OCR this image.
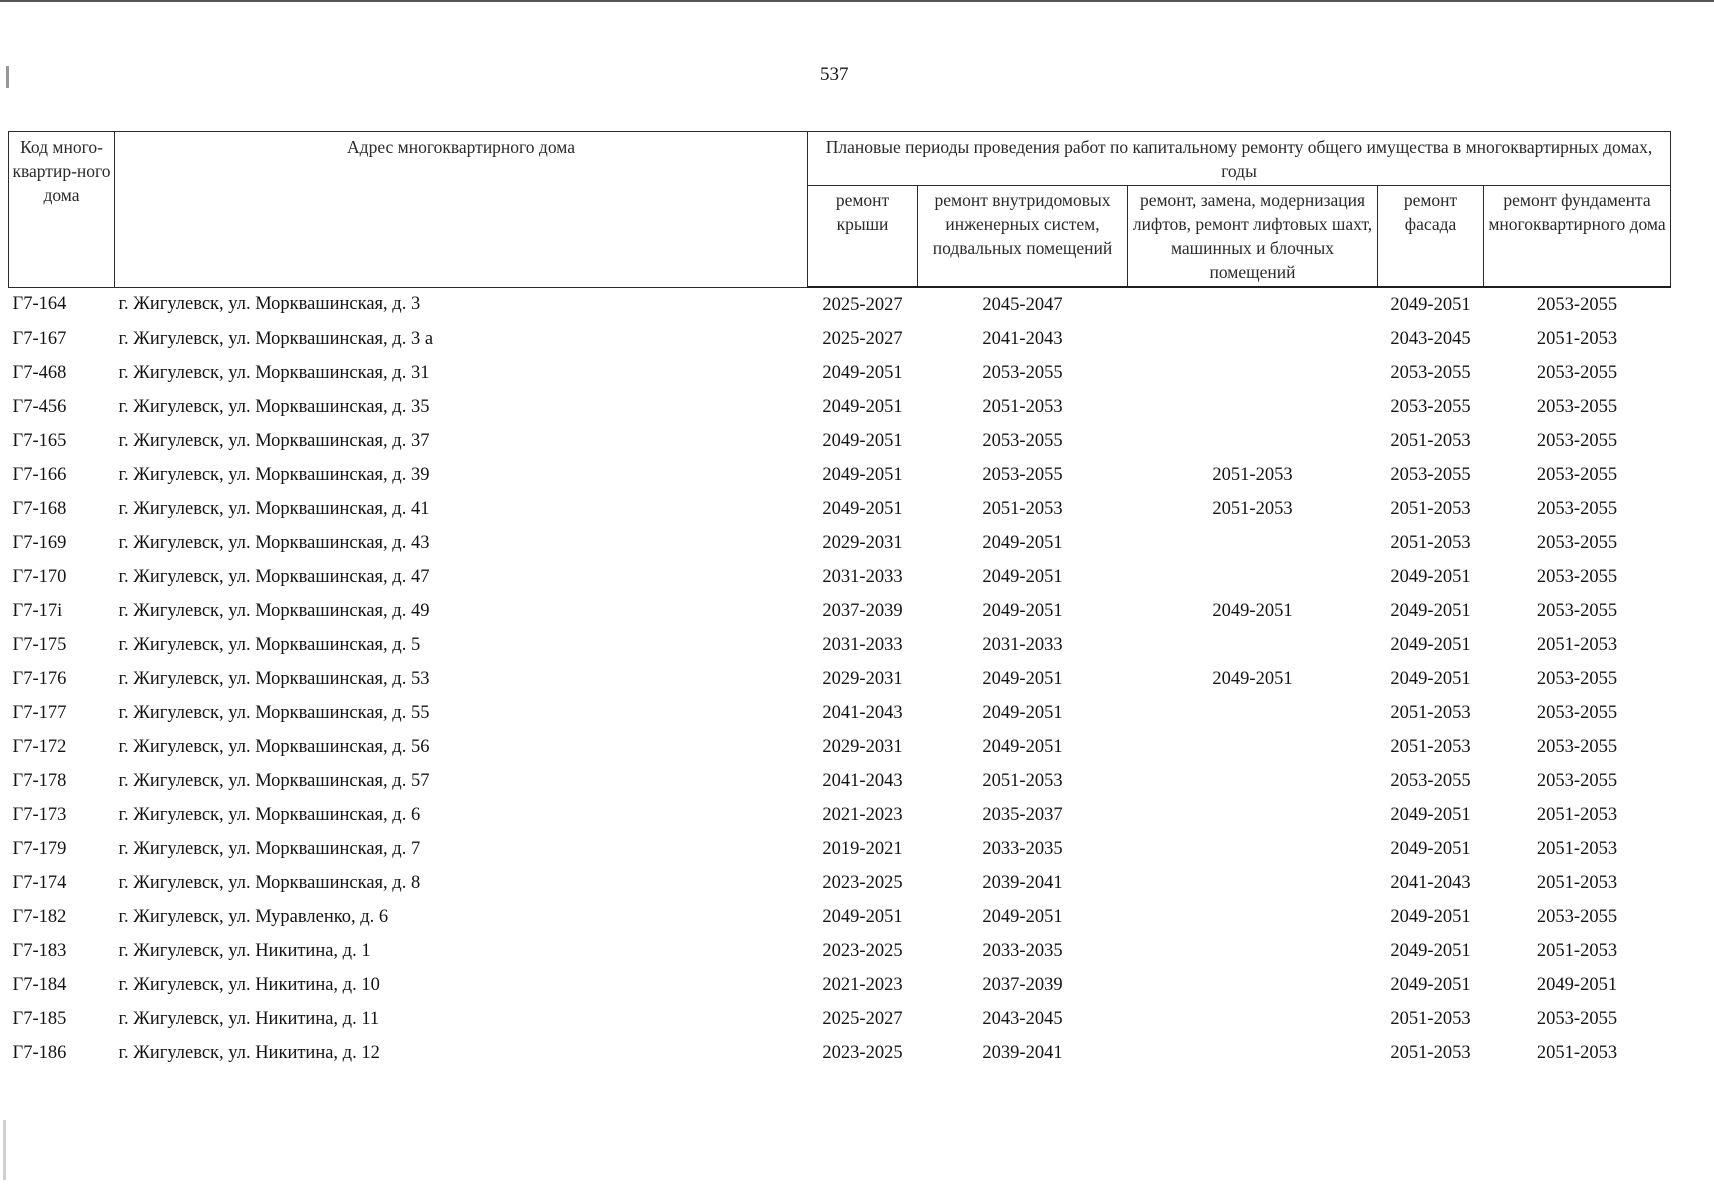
537
Код много-квартир-ного дома	Адрес многоквартирного дома	Плановые периоды проведения работ по капитальному ремонту общего имущества в многоквартирных домах, годы				
		ремонт крыши	ремонт внутридомовых инженерных систем, подвальных помещений	ремонт, замена, модернизация лифтов, ремонт лифтовых шахт, машинных и блочных помещений	ремонт фасада	ремонт фундамента многоквартирного дома
Г7-164	г. Жигулевск, ул. Морквашинская, д. 3	2025-2027	2045-2047		2049-2051	2053-2055
Г7-167	г. Жигулевск, ул. Морквашинская, д. 3 а	2025-2027	2041-2043		2043-2045	2051-2053
Г7-468	г. Жигулевск, ул. Морквашинская, д. 31	2049-2051	2053-2055		2053-2055	2053-2055
Г7-456	г. Жигулевск, ул. Морквашинская, д. 35	2049-2051	2051-2053		2053-2055	2053-2055
Г7-165	г. Жигулевск, ул. Морквашинская, д. 37	2049-2051	2053-2055		2051-2053	2053-2055
Г7-166	г. Жигулевск, ул. Морквашинская, д. 39	2049-2051	2053-2055	2051-2053	2053-2055	2053-2055
Г7-168	г. Жигулевск, ул. Морквашинская, д. 41	2049-2051	2051-2053	2051-2053	2051-2053	2053-2055
Г7-169	г. Жигулевск, ул. Морквашинская, д. 43	2029-2031	2049-2051		2051-2053	2053-2055
Г7-170	г. Жигулевск, ул. Морквашинская, д. 47	2031-2033	2049-2051		2049-2051	2053-2055
Г7-17i	г. Жигулевск, ул. Морквашинская, д. 49	2037-2039	2049-2051	2049-2051	2049-2051	2053-2055
Г7-175	г. Жигулевск, ул. Морквашинская, д. 5	2031-2033	2031-2033		2049-2051	2051-2053
Г7-176	г. Жигулевск, ул. Морквашинская, д. 53	2029-2031	2049-2051	2049-2051	2049-2051	2053-2055
Г7-177	г. Жигулевск, ул. Морквашинская, д. 55	2041-2043	2049-2051		2051-2053	2053-2055
Г7-172	г. Жигулевск, ул. Морквашинская, д. 56	2029-2031	2049-2051		2051-2053	2053-2055
Г7-178	г. Жигулевск, ул. Морквашинская, д. 57	2041-2043	2051-2053		2053-2055	2053-2055
Г7-173	г. Жигулевск, ул. Морквашинская, д. 6	2021-2023	2035-2037		2049-2051	2051-2053
Г7-179	г. Жигулевск, ул. Морквашинская, д. 7	2019-2021	2033-2035		2049-2051	2051-2053
Г7-174	г. Жигулевск, ул. Морквашинская, д. 8	2023-2025	2039-2041		2041-2043	2051-2053
Г7-182	г. Жигулевск, ул. Муравленко, д. 6	2049-2051	2049-2051		2049-2051	2053-2055
Г7-183	г. Жигулевск, ул. Никитина, д. 1	2023-2025	2033-2035		2049-2051	2051-2053
Г7-184	г. Жигулевск, ул. Никитина, д. 10	2021-2023	2037-2039		2049-2051	2049-2051
Г7-185	г. Жигулевск, ул. Никитина, д. 11	2025-2027	2043-2045		2051-2053	2053-2055
Г7-186	г. Жигулевск, ул. Никитина, д. 12	2023-2025	2039-2041		2051-2053	2051-2053
